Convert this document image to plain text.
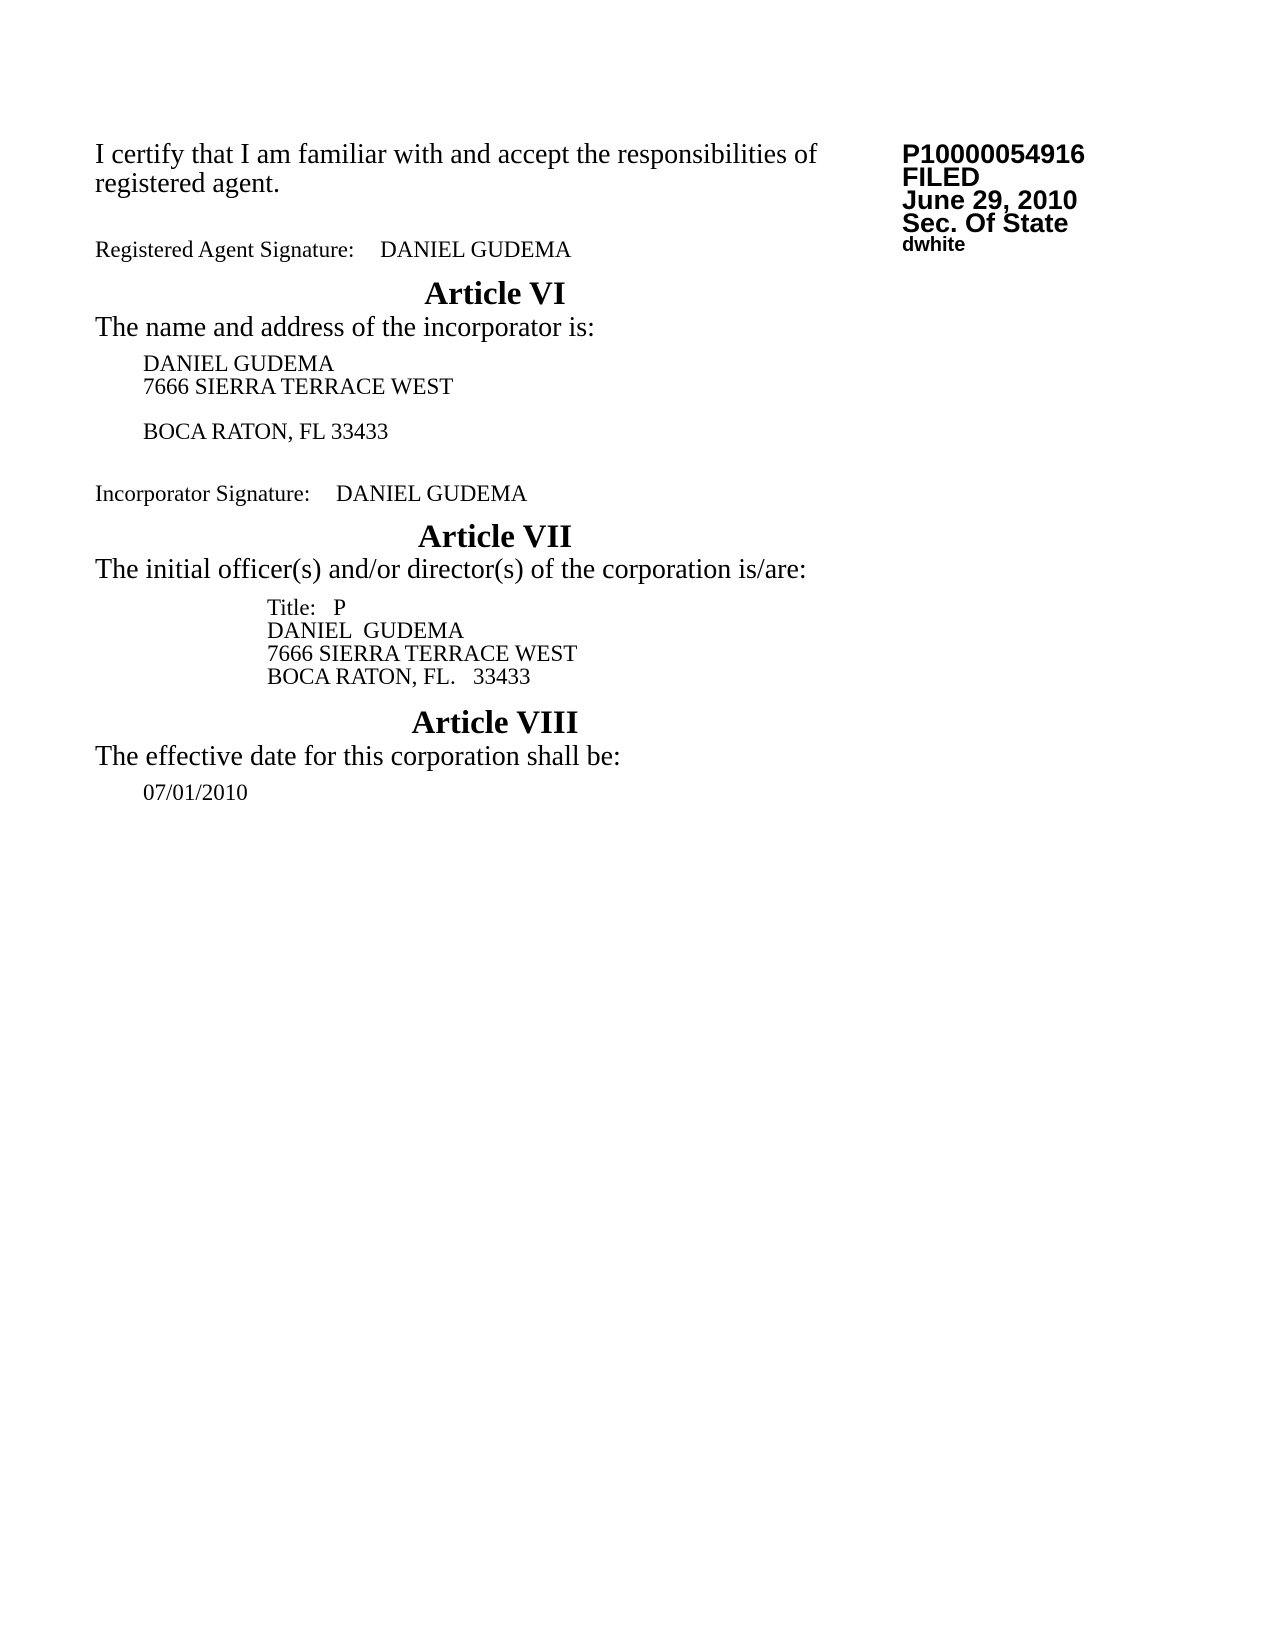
I certify that I am familiar with and accept the responsibilities of
registered agent.
P10000054916
FILED
June 29, 2010
Sec. Of State
dwhite
Registered Agent Signature: DANIEL GUDEMA
Article VI
The name and address of the incorporator is:
DANIEL GUDEMA
7666 SIERRA TERRACE WEST
BOCA RATON, FL 33433
Incorporator Signature: DANIEL GUDEMA
Article VII
The initial officer(s) and/or director(s) of the corporation is/are:
Title:   P
DANIEL  GUDEMA
7666 SIERRA TERRACE WEST
BOCA RATON, FL.   33433
Article VIII
The effective date for this corporation shall be:
07/01/2010
